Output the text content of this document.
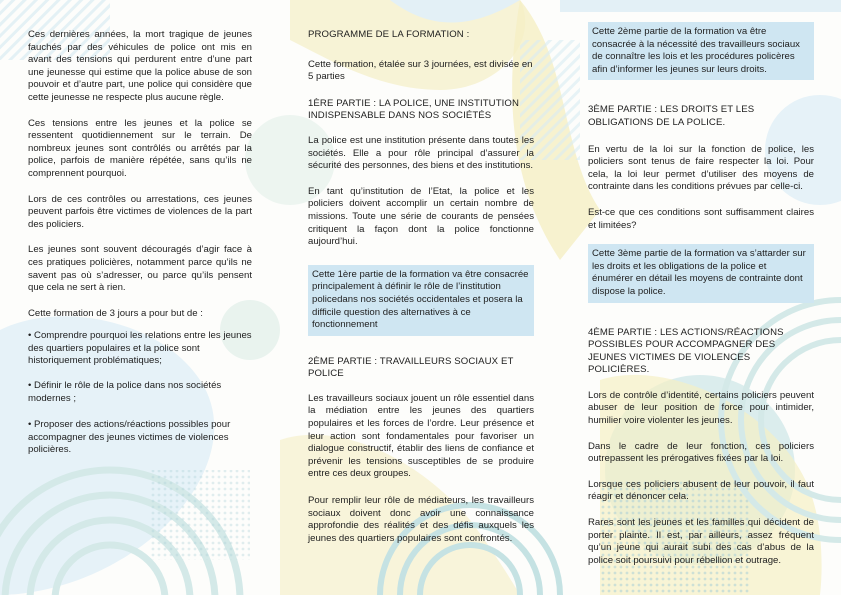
Ces dernières années, la mort tragique de jeunes fauchés par des véhicules de police ont mis en avant des tensions qui perdurent entre d’une part une jeunesse qui estime que la police abuse de son pouvoir et d’autre part, une police qui considère que cette jeunesse ne respecte plus aucune règle.

Ces tensions entre les jeunes et la police se ressentent quotidiennement sur le terrain. De nombreux jeunes sont contrôlés ou arrêtés par la police, parfois de manière répétée, sans qu’ils ne comprennent pourquoi.

Lors de ces contrôles ou arrestations, ces jeunes peuvent parfois être victimes de violences de la part des policiers.

Les jeunes sont souvent découragés d’agir face à ces pratiques policières, notamment parce qu’ils ne savent pas où s’adresser, ou parce qu’ils pensent que cela ne sert à rien.

Cette formation de 3 jours a pour but de :

• Comprendre pourquoi les relations entre les jeunes des quartiers populaires et la police sont historiquement problématiques;

• Définir le rôle de la police dans nos sociétés modernes ;

• Proposer des actions/réactions possibles pour accompagner des jeunes victimes de violences policières.

PROGRAMME DE LA FORMATION :

Cette formation, étalée sur 3 journées, est divisée en 5 parties

1ÈRE PARTIE : LA POLICE, UNE INSTITUTION INDISPENSABLE DANS NOS SOCIÉTÉS

La police est une institution présente dans toutes les sociétés. Elle a pour rôle principal d’assurer la sécurité des personnes, des biens et des institutions.

En tant qu’institution de l’Etat, la police et les policiers doivent accomplir un certain nombre de missions. Toute une série de courants de pensées critiquent la façon dont la police fonctionne aujourd’hui.

Cette 1ère partie de la formation va être consacrée principalement à définir le rôle de l’institution policedans nos sociétés occidentales et posera la difficile question des alternatives à ce fonctionnement

2ÈME PARTIE : TRAVAILLEURS SOCIAUX ET POLICE

Les travailleurs sociaux jouent un rôle essentiel dans la médiation entre les jeunes des quartiers populaires et les forces de l’ordre. Leur présence et leur action sont fondamentales pour favoriser un dialogue constructif, établir des liens de confiance et prévenir les tensions susceptibles de se produire entre ces deux groupes.

Pour remplir leur rôle de médiateurs, les travailleurs sociaux doivent donc avoir une connaissance approfondie des réalités et des défis auxquels les jeunes des quartiers populaires sont confrontés.

Cette 2ème partie de la formation va être consacrée à la nécessité des travailleurs sociaux de connaître les lois et les procédures policères afin d’informer les jeunes sur leurs droits.

3ÈME PARTIE : LES DROITS ET LES OBLIGATIONS DE LA POLICE.

En vertu de la loi sur la fonction de police, les policiers sont tenus de faire respecter la loi. Pour cela, la loi leur permet d’utiliser des moyens de contrainte dans les conditions prévues par celle-ci.

Est-ce que ces conditions sont suffisamment claires et limitées?

Cette 3ème partie de la formation va s’attarder sur les droits et les obligations de la police et énumérer en détail les moyens de contrainte dont dispose la police.

4ÈME PARTIE : LES ACTIONS/RÉACTIONS POSSIBLES POUR ACCOMPAGNER DES JEUNES VICTIMES DE VIOLENCES POLICIÈRES.

Lors de contrôle d’identité, certains policiers peuvent abuser de leur position de force pour intimider, humilier voire violenter les jeunes.

Dans le cadre de leur fonction, ces policiers outrepassent les prérogatives fixées par la loi.

Lorsque ces policiers abusent de leur pouvoir, il faut réagir et dénoncer cela.

Rares sont les jeunes et les familles qui décident de porter plainte. Il est, par ailleurs, assez fréquent qu’un jeune qui aurait subi des cas d’abus de la police soit poursuivi pour rébellion et outrage.
